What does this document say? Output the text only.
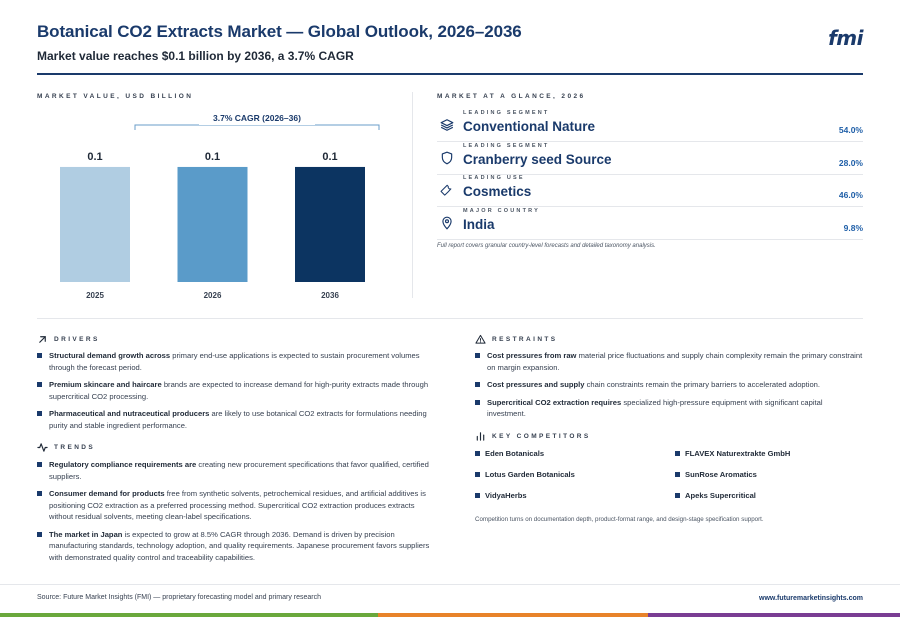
Botanical CO2 Extracts Market — Global Outlook, 2026–2036
Market value reaches $0.1 billion by 2036, a 3.7% CAGR
fmi
MARKET VALUE, USD BILLION
3.7% CAGR (2026–36)
0.1
2025
0.1
2026
0.1
2036
MARKET AT A GLANCE, 2026
LEADING SEGMENT
Conventional Nature	54.0%
LEADING SEGMENT
Cranberry seed Source	28.0%
LEADING USE
Cosmetics	46.0%
MAJOR COUNTRY
India	9.8%
Full report covers granular country-level forecasts and detailed taxonomy analysis.
DRIVERS
Structural demand growth across primary end-use applications is expected to sustain procurement volumes through the forecast period.
Premium skincare and haircare brands are expected to increase demand for high-purity extracts made through supercritical CO2 processing.
Pharmaceutical and nutraceutical producers are likely to use botanical CO2 extracts for formulations needing purity and stable ingredient performance.
TRENDS
Regulatory compliance requirements are creating new procurement specifications that favor qualified, certified suppliers.
Consumer demand for products free from synthetic solvents, petrochemical residues, and artificial additives is positioning CO2 extraction as a preferred processing method. Supercritical CO2 extraction produces extracts without residual solvents, meeting clean-label specifications.
The market in Japan is expected to grow at 8.5% CAGR through 2036. Demand is driven by precision manufacturing standards, technology adoption, and quality requirements. Japanese procurement favors suppliers with demonstrated quality control and traceability capabilities.
RESTRAINTS
Cost pressures from raw material price fluctuations and supply chain complexity remain the primary constraint on margin expansion.
Cost pressures and supply chain constraints remain the primary barriers to accelerated adoption.
Supercritical CO2 extraction requires specialized high-pressure equipment with significant capital investment.
KEY COMPETITORS
Eden Botanicals	FLAVEX Naturextrakte GmbH
Lotus Garden Botanicals	SunRose Aromatics
VidyaHerbs	Apeks Supercritical
Competition turns on documentation depth, product-format range, and design-stage specification support.
Source: Future Market Insights (FMI) — proprietary forecasting model and primary research	www.futuremarketinsights.com
